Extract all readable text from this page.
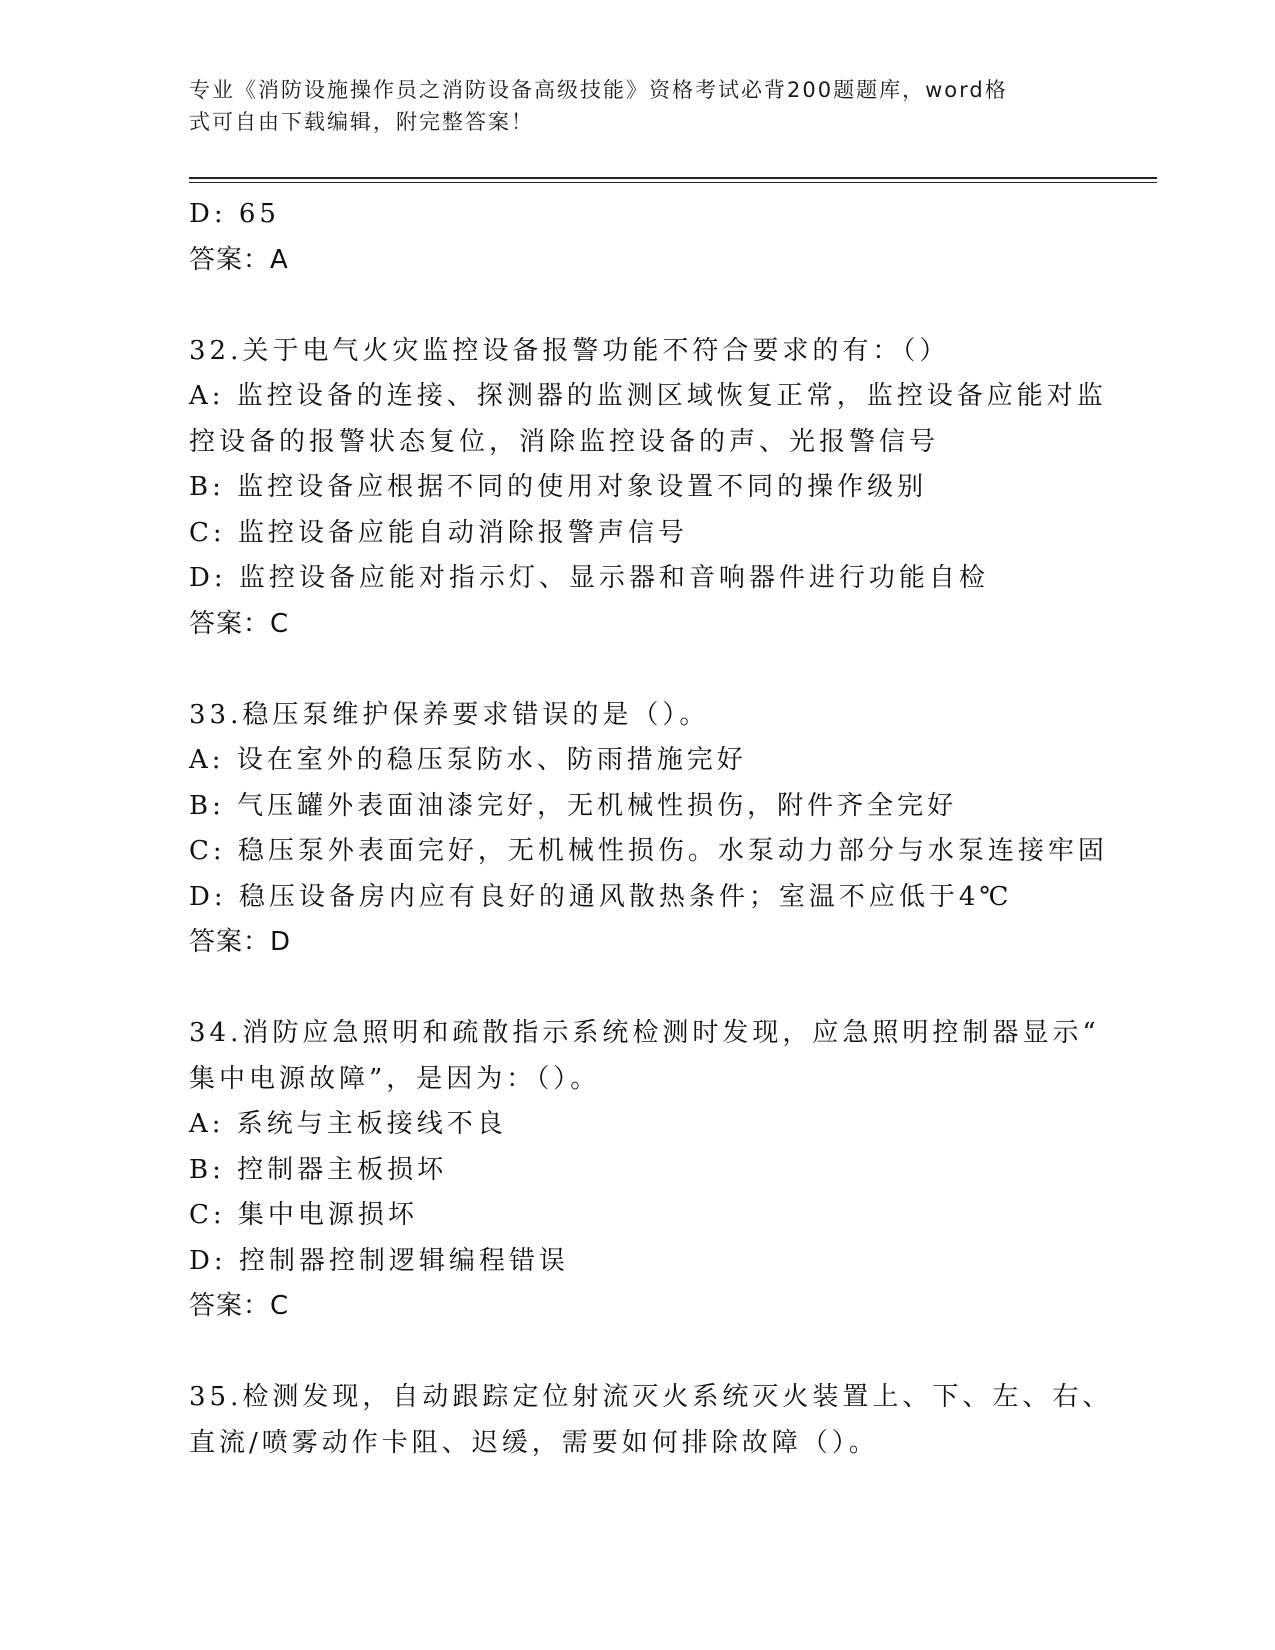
专业《消防设施操作员之消防设备高级技能》资格考试必背200题题库，word格
式可自由下载编辑，附完整答案！
D: 65
答案：A
32.关于电气火灾监控设备报警功能不符合要求的有：（）
A: 监控设备的连接、探测器的监测区域恢复正常，监控设备应能对监
控设备的报警状态复位，消除监控设备的声、光报警信号
B: 监控设备应根据不同的使用对象设置不同的操作级别
C: 监控设备应能自动消除报警声信号
D: 监控设备应能对指示灯、显示器和音响器件进行功能自检
答案：C
33.稳压泵维护保养要求错误的是（）。
A: 设在室外的稳压泵防水、防雨措施完好
B: 气压罐外表面油漆完好，无机械性损伤，附件齐全完好
C: 稳压泵外表面完好，无机械性损伤。水泵动力部分与水泵连接牢固
D: 稳压设备房内应有良好的通风散热条件；室温不应低于4℃
答案：D
34.消防应急照明和疏散指示系统检测时发现，应急照明控制器显示“
集中电源故障”，是因为：（）。
A: 系统与主板接线不良
B: 控制器主板损坏
C: 集中电源损坏
D: 控制器控制逻辑编程错误
答案：C
35.检测发现，自动跟踪定位射流灭火系统灭火装置上、下、左、右、
直流/喷雾动作卡阻、迟缓，需要如何排除故障（）。
